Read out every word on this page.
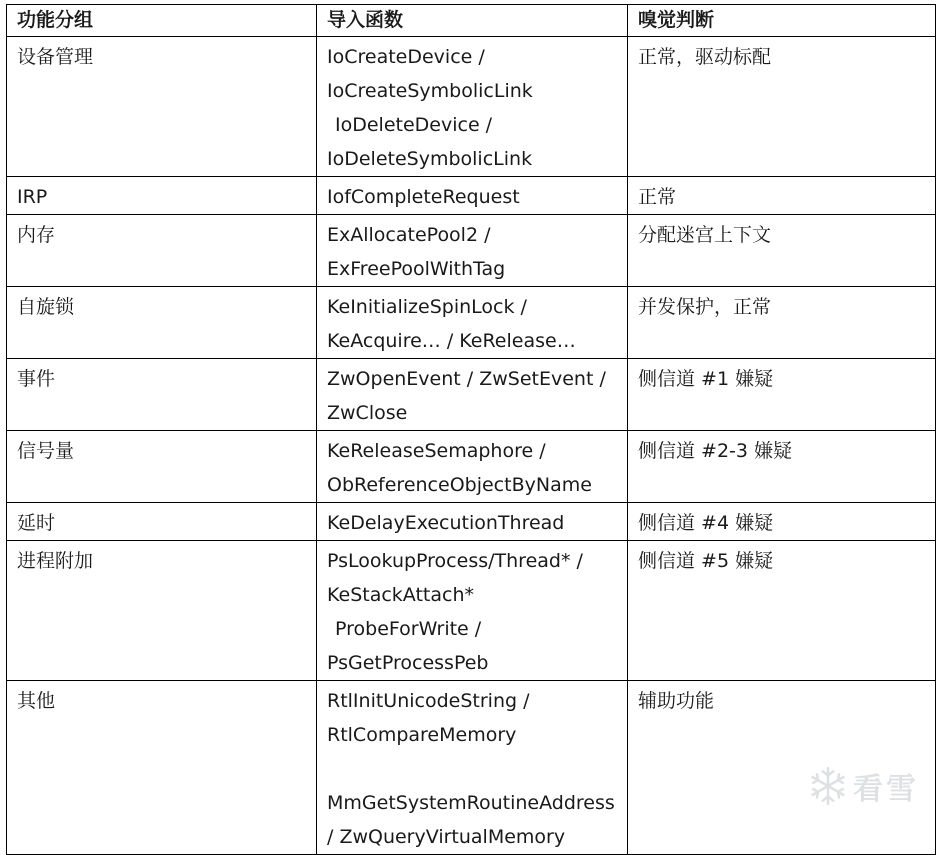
功能分组	导入函数	嗅觉判断

设备管理	IoCreateDevice /
IoCreateSymbolicLink
IoDeleteDevice /
IoDeleteSymbolicLink	正常，驱动标配

IRP	IofCompleteRequest	正常

内存	ExAllocatePool2 /
ExFreePoolWithTag	分配迷宫上下文

自旋锁	KeInitializeSpinLock /
KeAcquire… / KeRelease…	并发保护，正常

事件	ZwOpenEvent / ZwSetEvent /
ZwClose	侧信道 #1 嫌疑

信号量	KeReleaseSemaphore /
ObReferenceObjectByName	侧信道 #2-3 嫌疑

延时	KeDelayExecutionThread	侧信道 #4 嫌疑

进程附加	PsLookupProcess/Thread* /
KeStackAttach*
ProbeForWrite /
PsGetProcessPeb	侧信道 #5 嫌疑

其他	RtlInitUnicodeString /
RtlCompareMemory
MmGetSystemRoutineAddress
/ ZwQueryVirtualMemory	辅助功能
看雪
